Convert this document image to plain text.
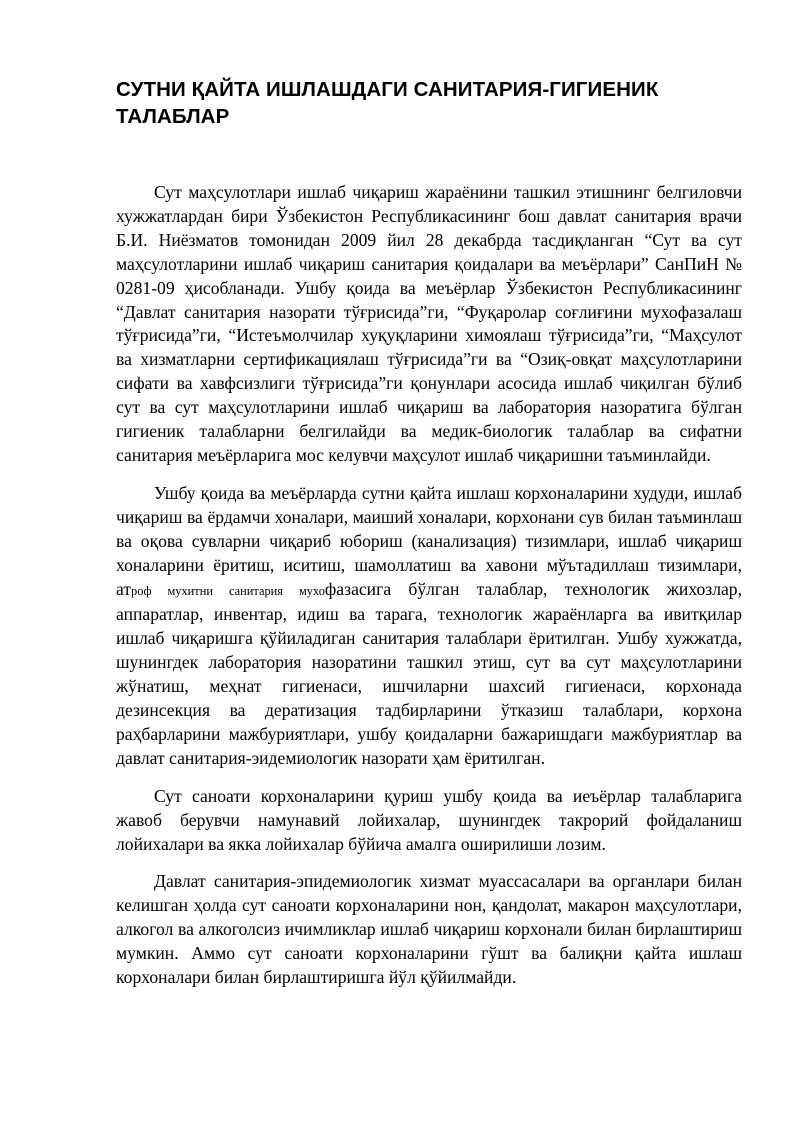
СУТНИ ҚАЙТА ИШЛАШДАГИ САНИТАРИЯ-ГИГИЕНИК ТАЛАБЛАР

Сут маҳсулотлари ишлаб чиқариш жараёнини ташкил этишнинг белгиловчи хужжатлардан бири Ўзбекистон Республикасининг бош давлат санитария врачи Б.И. Ниёзматов томонидан 2009 йил 28 декабрда тасдиқланган “Сут ва сут маҳсулотларини ишлаб чиқариш санитария қоидалари ва меъёрлари” СанПиН № 0281-09 ҳисобланади. Ушбу қоида ва меъёрлар Ўзбекистон Республикасининг “Давлат санитария назорати тўғрисида”ги, “Фуқаролар соғлиғини мухофазалаш тўғрисида”ги, “Истеъмолчилар хуқуқларини химоялаш тўғрисида”ги, “Маҳсулот ва хизматларни сертификациялаш тўғрисида”ги ва “Озиқ-овқат маҳсулотларини сифати ва хавфсизлиги тўғрисида”ги қонунлари асосида ишлаб чиқилган бўлиб сут ва сут маҳсулотларини ишлаб чиқариш ва лаборатория назоратига бўлган гигиеник талабларни белгилайди ва медик-биологик талаблар ва сифатни санитария меъёрларига мос келувчи маҳсулот ишлаб чиқаришни таъминлайди.

Ушбу қоида ва меъёрларда сутни қайта ишлаш корхоналарини худуди, ишлаб чиқариш ва ёрдамчи хоналари, маиший хоналари, корхонани сув билан таъминлаш ва оқова сувларни чиқариб юбориш (канализация) тизимлари, ишлаб чиқариш хоналарини ёритиш, иситиш, шамоллатиш ва хавони мўътадиллаш тизимлари, атроф мухитни санитария мухофазасига бўлган талаблар, технологик жихозлар, аппаратлар, инвентар, идиш ва тарага, технологик жараёнларга ва ивитқилар ишлаб чиқаришга қўйиладиган санитария талаблари ёритилган. Ушбу хужжатда, шунингдек лаборатория назоратини ташкил этиш, сут ва сут маҳсулотларини жўнатиш, меҳнат гигиенаси, ишчиларни шахсий гигиенаси, корхонада дезинсекция ва дератизация тадбирларини ўтказиш талаблари, корхона раҳбарларини мажбуриятлари, ушбу қоидаларни бажаришдаги мажбуриятлар ва давлат санитария-эидемиологик назорати ҳам ёритилган.

Сут саноати корхоналарини қуриш ушбу қоида ва иеъёрлар талабларига жавоб берувчи намунавий лойихалар, шунингдек такрорий фойдаланиш лойихалари ва якка лойихалар бўйича амалга оширилиши лозим.

Давлат санитария-эпидемиологик хизмат муассасалари ва органлари билан келишган ҳолда сут саноати корхоналарини нон, қандолат, макарон маҳсулотлари, алкогол ва алкоголсиз ичимликлар ишлаб чиқариш корхонали билан бирлаштириш мумкин. Аммо сут саноати корхоналарини гўшт ва балиқни қайта ишлаш корхоналари билан бирлаштиришга йўл қўйилмайди.
